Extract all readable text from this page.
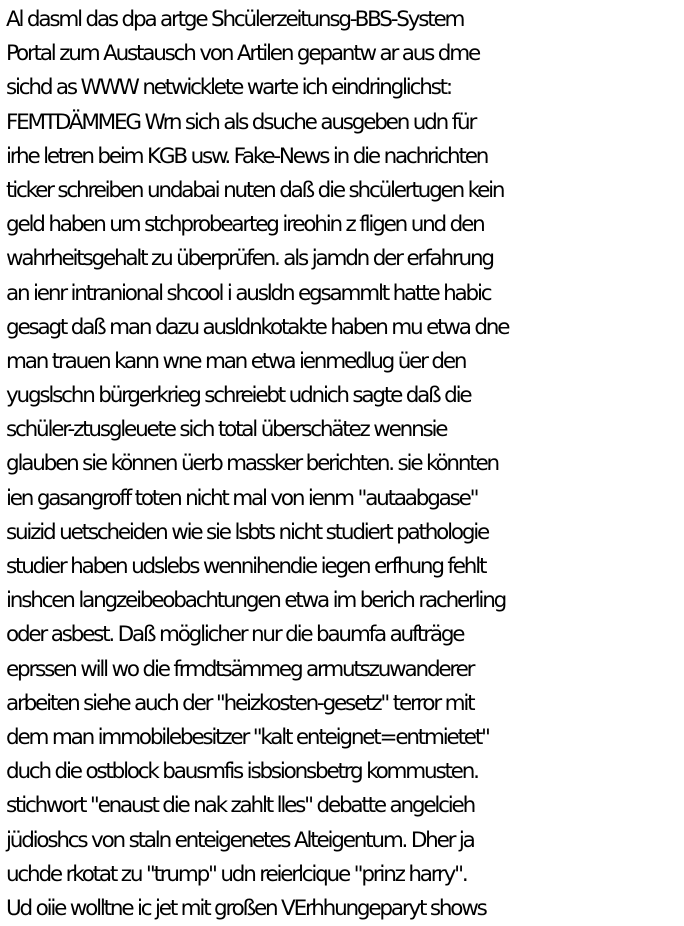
Al dasml das dpa artge Shcülerzeitunsg-BBS-System
Portal zum Austausch von Artilen gepantw ar aus dme
sichd as WWW netwicklete warte ich eindringlichst:
FEMTDÄMMEG Wrn sich als dsuche ausgeben udn für
irhe letren beim KGB usw. Fake-News in die nachrichten
ticker schreiben undabai nuten daß die shcülertugen kein
geld haben um stchprobearteg ireohin z fligen und den
wahrheitsgehalt zu überprüfen. als jamdn der erfahrung
an ienr intranional shcool i ausldn egsammlt hatte habic
gesagt daß man dazu ausldnkotakte haben mu etwa dne
man trauen kann wne man etwa ienmedlug üer den
yugslschn bürgerkrieg schreiebt udnich sagte daß die
schüler-ztusgleuete sich total überschätez wennsie
glauben sie können üerb massker berichten. sie könnten
ien gasangroff toten nicht mal von ienm "autaabgase"
suizid uetscheiden wie sie lsbts nicht studiert pathologie
studier haben udslebs wennihendie iegen erfhung fehlt
inshcen langzeibeobachtungen etwa im berich racherling
oder asbest. Daß möglicher nur die baumfa aufträge
eprssen will wo die frmdtsämmeg armutszuwanderer
arbeiten siehe auch der "heizkosten-gesetz" terror mit
dem man immobilebesitzer "kalt enteignet=entmietet"
duch die ostblock bausmfis isbsionsbetrg kommusten.
stichwort "enaust die nak zahlt lles" debatte angelcieh
jüdioshcs von staln enteigenetes Alteigentum. Dher ja
uchde rkotat zu "trump" udn reierlcique "prinz harry".
Ud oiie wolltne ic jet mit großen VErhhungeparyt shows
